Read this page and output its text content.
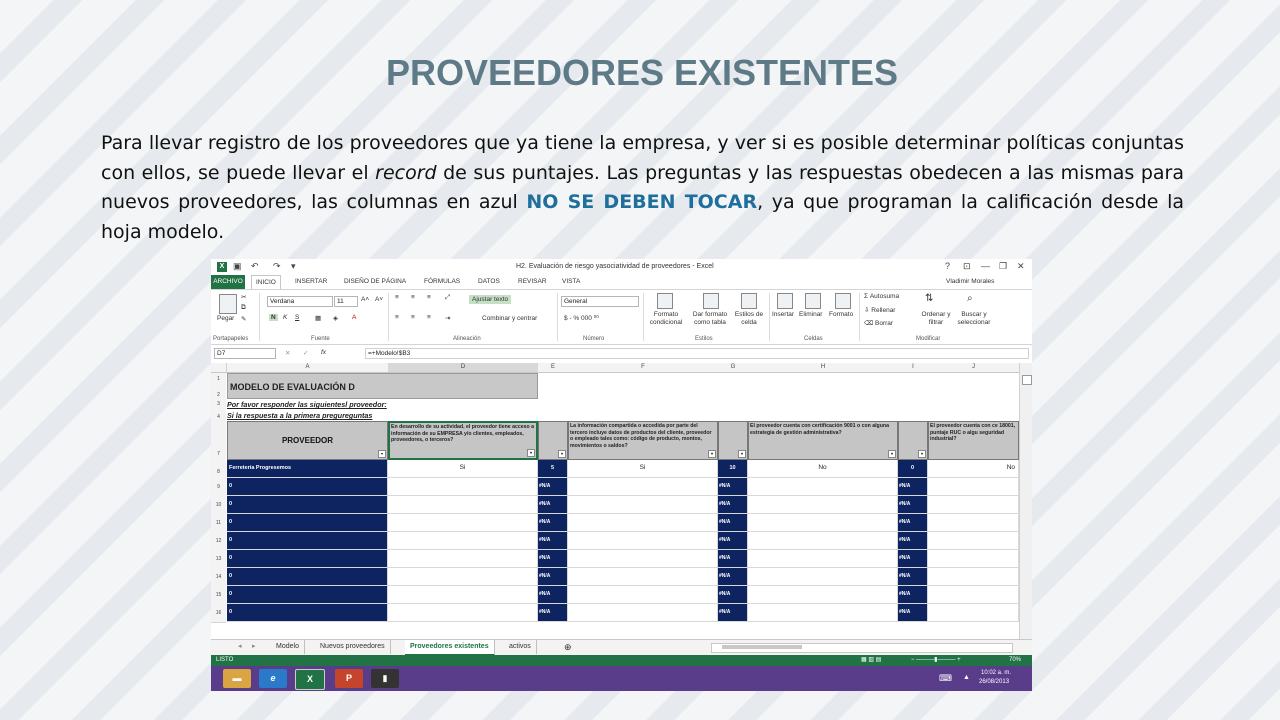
PROVEEDORES EXISTENTES
Para llevar registro de los proveedores que ya tiene la empresa, y ver si es posible determinar políticas conjuntas con ellos, se puede llevar el record de sus puntajes. Las preguntas y las respuestas obedecen a las mismas para nuevos proveedores, las columnas en azul NO SE DEBEN TOCAR, ya que programan la calificación desde la hoja modelo.
X ▣ ↶ ↷ ▾	H2. Evaluación de riesgo yasociatividad de proveedores - Excel	? ⊡ — ❐ ✕
ARCHIVO	INICIO	INSERTAR	DISEÑO DE PÁGINA	FÓRMULAS	DATOS	REVISAR VISTA	Vladimir Morales
Pegar
✂
⧉
✎
Verdana	11	A˄ A˅
N	K S ▦ ◈ A
≡ ≡ ≡ ⤢	Ajustar texto
≡ ≡ ≡ ⇥	Combinar y centrar
General
$ - % 000 ⁰⁰
Formato condicional
Dar formato como tabla
Estilos de celda
Insertar Eliminar Formato
Σ Autosuma
⇩ Rellenar
⌫ Borrar
⇅
Ordenar y filtrar
⌕
Buscar y seleccionar
Portapapeles	Fuente	Alineación	Número	Estilos	Celdas	Modificar
D7	✕ ✓ fx	=+Modelo!$B3
A	D	E	F	G	H	I	J
1
2
3
4
7
8
9
10
11
12
13
14
15
16
MODELO DE EVALUACIÓN D
Por favor responder las siguientesl proveedor:
Si la respuesta a la primera pregureguntas
PROVEEDOR
▾
En desarrollo de su actividad, el proveedor tiene acceso a información de su EMPRESA y/o clientes, empleados, proveedores, o terceros?
▾	▾
La información compartida o accedida por parte del tercero incluye datos de productos del cliente, proveedor o empleado tales como: código de producto, montos, movimientos o saldos?
▾	▾
El proveedor cuenta con certificación 9001 o con alguna estrategia de gestión administrativa?
▾	▾
El proveedor cuenta con ce 18001, puntaje RUC o algu seguridad industrial?
Ferretería Progresemos	Si	5	Si	10	No	0	No
0	#N/A	#N/A	#N/A
0	#N/A	#N/A	#N/A
0	#N/A	#N/A	#N/A
0	#N/A	#N/A	#N/A
0	#N/A	#N/A	#N/A
0	#N/A	#N/A	#N/A
0	#N/A	#N/A	#N/A
0	#N/A	#N/A	#N/A
◂	▸	Modelo	Nuevos proveedores	Proveedores existentes	activos	⊕
LISTO	▦ ▥ ▤	− ———▮——— +	70%
▬	e	X	P	▮	⌨ ▲
10:02 a. m.
26/08/2013
